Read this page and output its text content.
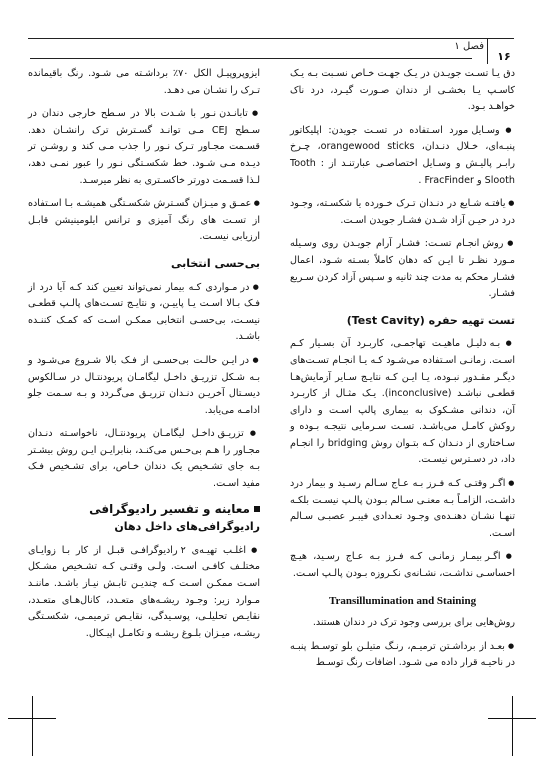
فصل ۱
۱۶

دق یـا تسـت جویـدن در یـک جهـت خـاص نسـبت بـه یـک کاسـپ یـا بخشـی از دندان صـورت گیـرد، درد ناک خواهـد بـود.

● وسـایل مورد اسـتفاده در تسـت جویدن: اپلیکاتور پنبـه‌ای، خـلال دنـدان، orangewood sticks، چـرخ رابـر پالیـش و وسـایل اختصاصـی عبارتنـد از : Tooth Slooth و FracFinder .

● یافتـه شـایع در دنـدان تـرک خـورده یا شکسـته، وجـود درد در حیـن آزاد شـدن فشـار جویدن اسـت.

● روش انجـام تسـت: فشـار آرام جویـدن روی وسـیله مـورد نظـر تا ایـن که دهان کاملاً بسـته شـود، اعمال فشـار محکم به مدت چند ثانیه و سـپس آزاد کردن سـریع فشـار.

تست تهیه حفره (Test Cavity)

● بـه دلیـل ماهیـت تهاجمـی، کاربـرد آن بسـیار کـم اسـت. زمانـی اسـتفاده می‌شـود کـه یـا انجـام تسـت‌های دیگـر مقـدور نبـوده، یـا ایـن کـه نتایـج سـایر آزمایش‌هـا قطعـی نباشـد (inconclusive). یـک مثـال از کاربـرد آن، دندانی مشـکوک به بیماری پالپ اسـت و دارای روکش کامـل می‌باشـد. تسـت سـرمایی نتیجـه بـوده و سـاختاری از دنـدان کـه بتـوان روش bridging را انجـام داد، در دسـترس نیسـت.

● اگـر وقتـی کـه فـرز بـه عـاج سـالم رسـید و بیمار درد داشـت، الزامـاً بـه معنـی سـالم بـودن پالـپ نیسـت بلکـه تنهـا نشـان دهنـده‌ی وجـود تعـدادی فیبـر عصبـی سـالم اسـت.

● اگـر بیمـار زمانـی کـه فـرز بـه عـاج رسـید، هیـچ احساسـی نداشـت، نشـانه‌ی نکـروزه بـودن پالـپ اسـت.

Transillumination and Staining

روش‌هایی برای بررسی وجود ترک در دندان هستند.

● بعـد از برداشـتن ترمیـم، رنـگ متیلـن بلو توسـط پنبـه در ناحیـه قرار داده می شـود. اضافات رنگ توسـط

ایزوپروپیـل الکل ۷۰٪ برداشـته می شـود. رنگ باقیمانده تـرک را نشـان می دهـد.

● تابانـدن نـور با شـدت بالا در سـطح خارجی دندان در سـطح CEJ مـی توانـد گسـترش ترک رانشـان دهد. قسـمت مجـاور تـرک نـور را جذب مـی کند و روشـن تر دیـده مـی شـود. خط شکسـتگی نـور را عبور نمـی دهد، لـذا قسـمت دورتر خاکسـتری به نظر میرسـد.

● عمـق و میـزان گسـترش شکسـتگی همیشـه بـا اسـتفاده از تسـت های رنگ آمیزی و ترانس ایلومینیشن قابـل ارزیابی نیسـت.

بی‌حسی انتخابی

● در مـواردی کـه بیمار نمی‌تواند تعیین کند کـه آیا درد از فـک بـالا اسـت یـا پاییـن، و نتایـج تسـت‌های پالـپ قطعـی نیسـت، بی‌حسـی انتخابی ممکـن اسـت که کمـک کننـده باشـد.

● در ایـن حالـت بی‌حسـی از فـک بالا شـروع می‌شـود و بـه شـکل تزریـق داخـل لیگامـان پریودنتـال در سـالکوس دیسـتال آخریـن دنـدان تزریـق می‌گـردد و بـه سـمت جلو ادامـه می‌یابد.

● تزریـق داخـل لیگامـان پریودنتـال، ناخواسـته دنـدان مجـاور را هـم بی‌حـس می‌کنـد، بنابرایـن ایـن روش بیشـتر بـه جای تشـخیص یک دندان خـاص، برای تشـخیص فـک مفید اسـت.

معاینه و تفسیر رادیوگرافی
رادیوگرافی‌های داخل دهان

● اغلـب تهیـه‌ی ۲ رادیوگرافـی قبـل از کار بـا زوایـای مختلـف کافـی اسـت. ولـی وقتـی کـه تشـخیص مشـکل اسـت ممکـن اسـت کـه چندیـن تابـش نیـاز باشـد. ماننـد مـوارد زیر: وجـود ریشـه‌های متعـدد، کانال‌هـای متعـدد، نقایـص تحلیلـی، پوسـیدگی، نقایـص ترمیمـی، شکسـتگی ریشـه، میـزان بلـوغ ریشـه و تکامـل اپیـکال.
